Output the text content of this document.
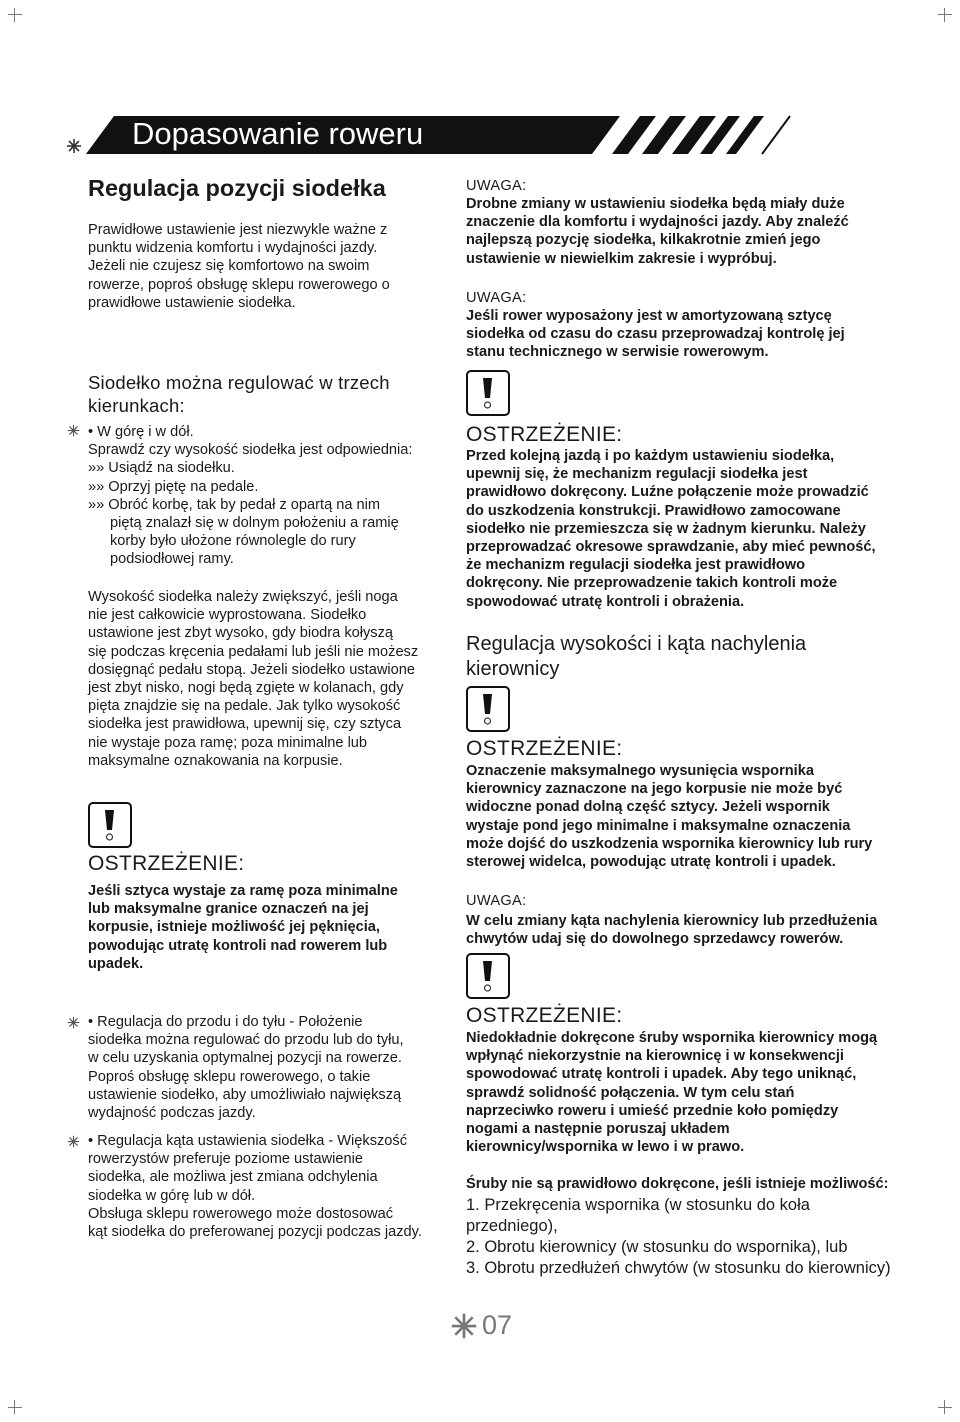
Dopasowanie roweru
Regulacja pozycji siodełka
Prawidłowe ustawienie jest niezwykle ważne z
punktu widzenia komfortu i wydajności jazdy.
Jeżeli nie czujesz się komfortowo na swoim
rowerze, poproś obsługę sklepu rowerowego o
prawidłowe ustawienie siodełka.
Siodełko można regulować w trzech
kierunkach:
• W górę i w dół.
Sprawdź czy wysokość siodełka jest odpowiednia:
»» Usiądź na siodełku.
»» Oprzyj piętę na pedale.
»» Obróć korbę, tak by pedał z opartą na nim
piętą znalazł się w dolnym położeniu a ramię
korby było ułożone równolegle do rury
podsiodłowej ramy.
Wysokość siodełka należy zwiększyć, jeśli noga
nie jest całkowicie wyprostowana. Siodełko
ustawione jest zbyt wysoko, gdy biodra kołyszą
się podczas kręcenia pedałami lub jeśli nie możesz
dosięgnąć pedału stopą. Jeżeli siodełko ustawione
jest zbyt nisko, nogi będą zgięte w kolanach, gdy
pięta znajdzie się na pedale. Jak tylko wysokość
siodełka jest prawidłowa, upewnij się, czy sztyca
nie wystaje poza ramę; poza minimalne lub
maksymalne oznakowania na korpusie.
OSTRZEŻENIE:
Jeśli sztyca wystaje za ramę poza minimalne
lub maksymalne granice oznaczeń na jej
korpusie, istnieje możliwość jej pęknięcia,
powodując utratę kontroli nad rowerem lub
upadek.
• Regulacja do przodu i do tyłu - Położenie
siodełka można regulować do przodu lub do tyłu,
w celu uzyskania optymalnej pozycji na rowerze.
Poproś obsługę sklepu rowerowego, o takie
ustawienie siodełko, aby umożliwiało największą
wydajność podczas jazdy.
• Regulacja kąta ustawienia siodełka - Większość
rowerzystów preferuje poziome ustawienie
siodełka, ale możliwa jest zmiana odchylenia
siodełka w górę lub w dół.
Obsługa sklepu rowerowego może dostosować
kąt siodełka do preferowanej pozycji podczas jazdy.
UWAGA:
Drobne zmiany w ustawieniu siodełka będą miały duże
znaczenie dla komfortu i wydajności jazdy. Aby znaleźć
najlepszą pozycję siodełka, kilkakrotnie zmień jego
ustawienie w niewielkim zakresie i wypróbuj.
UWAGA:
Jeśli rower wyposażony jest w amortyzowaną sztycę
siodełka od czasu do czasu przeprowadzaj kontrolę jej
stanu technicznego w serwisie rowerowym.
OSTRZEŻENIE:
Przed kolejną jazdą i po każdym ustawieniu siodełka,
upewnij się, że mechanizm regulacji siodełka jest
prawidłowo dokręcony. Luźne połączenie może prowadzić
do uszkodzenia konstrukcji. Prawidłowo zamocowane
siodełko nie przemieszcza się w żadnym kierunku. Należy
przeprowadzać okresowe sprawdzanie, aby mieć pewność,
że mechanizm regulacji siodełka jest prawidłowo
dokręcony. Nie przeprowadzenie takich kontroli może
spowodować utratę kontroli i obrażenia.
Regulacja wysokości i kąta nachylenia
kierownicy
OSTRZEŻENIE:
Oznaczenie maksymalnego wysunięcia wspornika
kierownicy zaznaczone na jego korpusie nie może być
widoczne ponad dolną część sztycy. Jeżeli wspornik
wystaje pond jego minimalne i maksymalne oznaczenia
może dojść do uszkodzenia wspornika kierownicy lub rury
sterowej widelca, powodując utratę kontroli i upadek.
UWAGA:
W celu zmiany kąta nachylenia kierownicy lub przedłużenia
chwytów udaj się do dowolnego sprzedawcy rowerów.
OSTRZEŻENIE:
Niedokładnie dokręcone śruby wspornika kierownicy mogą
wpłynąć niekorzystnie na kierownicę i w konsekwencji
spowodować utratę kontroli i upadek. Aby tego uniknąć,
sprawdź solidność połączenia. W tym celu stań
naprzeciwko roweru i umieść przednie koło pomiędzy
nogami a następnie poruszaj układem
kierownicy/wspornika w lewo i w prawo.
Śruby nie są prawidłowo dokręcone, jeśli istnieje możliwość:
1. Przekręcenia wspornika (w stosunku do koła
przedniego),
2. Obrotu kierownicy (w stosunku do wspornika), lub
3. Obrotu przedłużeń chwytów (w stosunku do kierownicy)
07
